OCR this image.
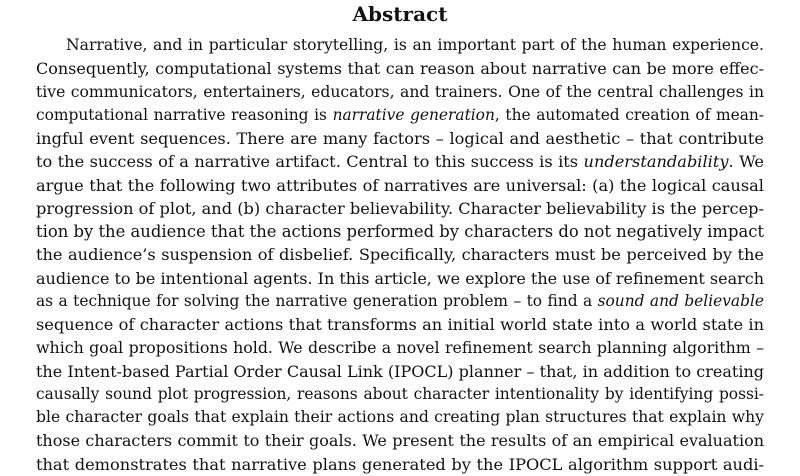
Abstract
Narrative, and in particular storytelling, is an important part of the human experience.
Consequently, computational systems that can reason about narrative can be more effec-
tive communicators, entertainers, educators, and trainers. One of the central challenges in
computational narrative reasoning is narrative generation, the automated creation of mean-
ingful event sequences. There are many factors – logical and aesthetic – that contribute
to the success of a narrative artifact. Central to this success is its understandability. We
argue that the following two attributes of narratives are universal: (a) the logical causal
progression of plot, and (b) character believability. Character believability is the percep-
tion by the audience that the actions performed by characters do not negatively impact
the audience’s suspension of disbelief. Specifically, characters must be perceived by the
audience to be intentional agents. In this article, we explore the use of refinement search
as a technique for solving the narrative generation problem – to find a sound and believable
sequence of character actions that transforms an initial world state into a world state in
which goal propositions hold. We describe a novel refinement search planning algorithm –
the Intent-based Partial Order Causal Link (IPOCL) planner – that, in addition to creating
causally sound plot progression, reasons about character intentionality by identifying possi-
ble character goals that explain their actions and creating plan structures that explain why
those characters commit to their goals. We present the results of an empirical evaluation
that demonstrates that narrative plans generated by the IPOCL algorithm support audi-
